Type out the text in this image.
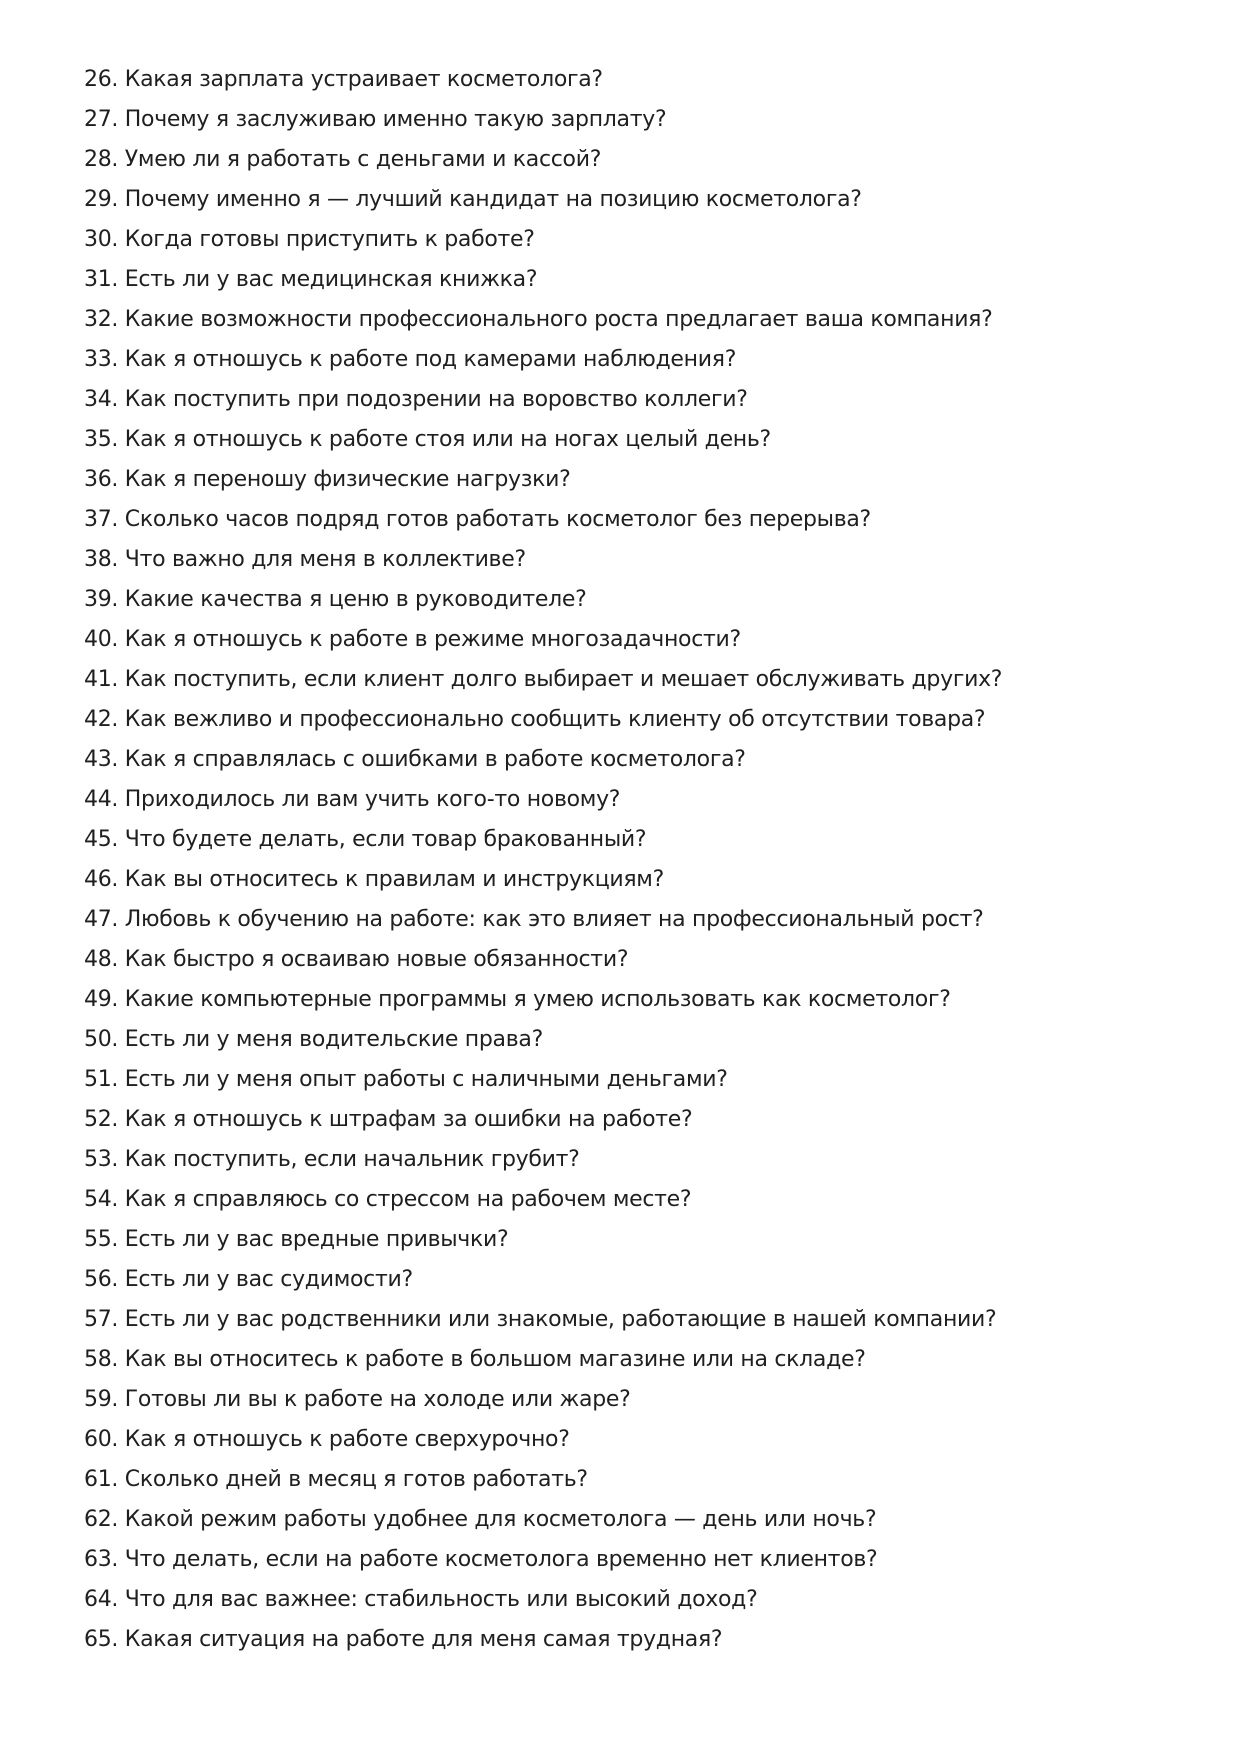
26. Какая зарплата устраивает косметолога?
27. Почему я заслуживаю именно такую зарплату?
28. Умею ли я работать с деньгами и кассой?
29. Почему именно я — лучший кандидат на позицию косметолога?
30. Когда готовы приступить к работе?
31. Есть ли у вас медицинская книжка?
32. Какие возможности профессионального роста предлагает ваша компания?
33. Как я отношусь к работе под камерами наблюдения?
34. Как поступить при подозрении на воровство коллеги?
35. Как я отношусь к работе стоя или на ногах целый день?
36. Как я переношу физические нагрузки?
37. Сколько часов подряд готов работать косметолог без перерыва?
38. Что важно для меня в коллективе?
39. Какие качества я ценю в руководителе?
40. Как я отношусь к работе в режиме многозадачности?
41. Как поступить, если клиент долго выбирает и мешает обслуживать других?
42. Как вежливо и профессионально сообщить клиенту об отсутствии товара?
43. Как я справлялась с ошибками в работе косметолога?
44. Приходилось ли вам учить кого-то новому?
45. Что будете делать, если товар бракованный?
46. Как вы относитесь к правилам и инструкциям?
47. Любовь к обучению на работе: как это влияет на профессиональный рост?
48. Как быстро я осваиваю новые обязанности?
49. Какие компьютерные программы я умею использовать как косметолог?
50. Есть ли у меня водительские права?
51. Есть ли у меня опыт работы с наличными деньгами?
52. Как я отношусь к штрафам за ошибки на работе?
53. Как поступить, если начальник грубит?
54. Как я справляюсь со стрессом на рабочем месте?
55. Есть ли у вас вредные привычки?
56. Есть ли у вас судимости?
57. Есть ли у вас родственники или знакомые, работающие в нашей компании?
58. Как вы относитесь к работе в большом магазине или на складе?
59. Готовы ли вы к работе на холоде или жаре?
60. Как я отношусь к работе сверхурочно?
61. Сколько дней в месяц я готов работать?
62. Какой режим работы удобнее для косметолога — день или ночь?
63. Что делать, если на работе косметолога временно нет клиентов?
64. Что для вас важнее: стабильность или высокий доход?
65. Какая ситуация на работе для меня самая трудная?
